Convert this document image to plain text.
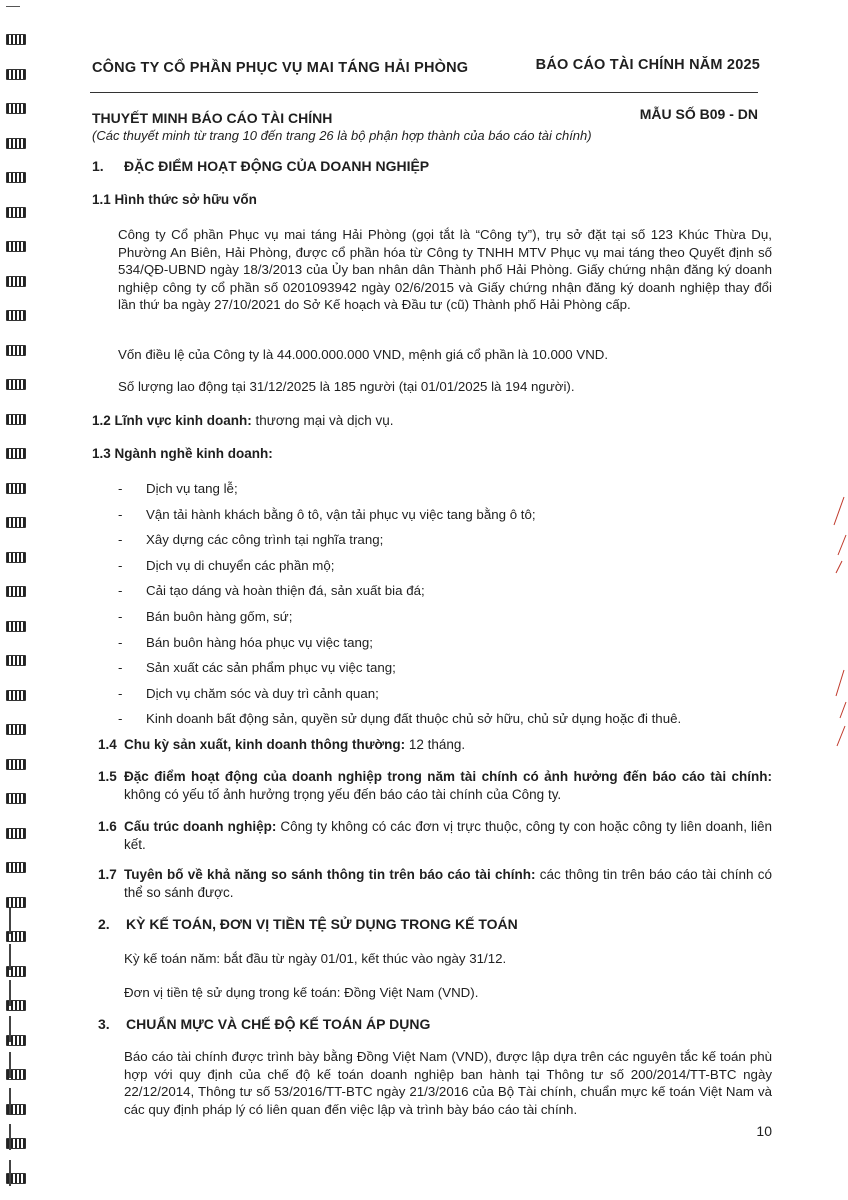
CÔNG TY CỔ PHẦN PHỤC VỤ MAI TÁNG HẢI PHÒNG	BÁO CÁO TÀI CHÍNH NĂM 2025
THUYẾT MINH BÁO CÁO TÀI CHÍNH	MẪU SỐ B09 - DN
(Các thuyết minh từ trang 10 đến trang 26 là bộ phận hợp thành của báo cáo tài chính)
1. ĐẶC ĐIỂM HOẠT ĐỘNG CỦA DOANH NGHIỆP
1.1 Hình thức sở hữu vốn

Công ty Cổ phần Phục vụ mai táng Hải Phòng (gọi tắt là “Công ty”), trụ sở đặt tại số 123 Khúc Thừa Dụ, Phường An Biên, Hải Phòng, được cổ phần hóa từ Công ty TNHH MTV Phục vụ mai táng theo Quyết định số 534/QĐ-UBND ngày 18/3/2013 của Ủy ban nhân dân Thành phố Hải Phòng. Giấy chứng nhận đăng ký doanh nghiệp công ty cổ phần số 0201093942 ngày 02/6/2015 và Giấy chứng nhận đăng ký doanh nghiệp thay đổi lần thứ ba ngày 27/10/2021 do Sở Kế hoạch và Đầu tư (cũ) Thành phố Hải Phòng cấp.

Vốn điều lệ của Công ty là 44.000.000.000 VND, mệnh giá cổ phần là 10.000 VND.

Số lượng lao động tại 31/12/2025 là 185 người (tại 01/01/2025 là 194 người).

1.2 Lĩnh vực kinh doanh: thương mại và dịch vụ.
1.3 Ngành nghề kinh doanh:
- Dịch vụ tang lễ;
- Vận tải hành khách bằng ô tô, vận tải phục vụ việc tang bằng ô tô;
- Xây dựng các công trình tại nghĩa trang;
- Dịch vụ di chuyển các phần mộ;
- Cải tạo dáng và hoàn thiện đá, sản xuất bia đá;
- Bán buôn hàng gốm, sứ;
- Bán buôn hàng hóa phục vụ việc tang;
- Sản xuất các sản phẩm phục vụ việc tang;
- Dịch vụ chăm sóc và duy trì cảnh quan;
- Kinh doanh bất động sản, quyền sử dụng đất thuộc chủ sở hữu, chủ sử dụng hoặc đi thuê.
1.4 Chu kỳ sản xuất, kinh doanh thông thường: 12 tháng.
1.5 Đặc điểm hoạt động của doanh nghiệp trong năm tài chính có ảnh hưởng đến báo cáo tài chính: không có yếu tố ảnh hưởng trọng yếu đến báo cáo tài chính của Công ty.
1.6 Cấu trúc doanh nghiệp: Công ty không có các đơn vị trực thuộc, công ty con hoặc công ty liên doanh, liên kết.
1.7 Tuyên bố về khả năng so sánh thông tin trên báo cáo tài chính: các thông tin trên báo cáo tài chính có thể so sánh được.
2. KỲ KẾ TOÁN, ĐƠN VỊ TIỀN TỆ SỬ DỤNG TRONG KẾ TOÁN

Kỳ kế toán năm: bắt đầu từ ngày 01/01, kết thúc vào ngày 31/12.

Đơn vị tiền tệ sử dụng trong kế toán: Đồng Việt Nam (VND).

3. CHUẨN MỰC VÀ CHẾ ĐỘ KẾ TOÁN ÁP DỤNG

Báo cáo tài chính được trình bày bằng Đồng Việt Nam (VND), được lập dựa trên các nguyên tắc kế toán phù hợp với quy định của chế độ kế toán doanh nghiệp ban hành tại Thông tư số 200/2014/TT-BTC ngày 22/12/2014, Thông tư số 53/2016/TT-BTC ngày 21/3/2016 của Bộ Tài chính, chuẩn mực kế toán Việt Nam và các quy định pháp lý có liên quan đến việc lập và trình bày báo cáo tài chính.

10
